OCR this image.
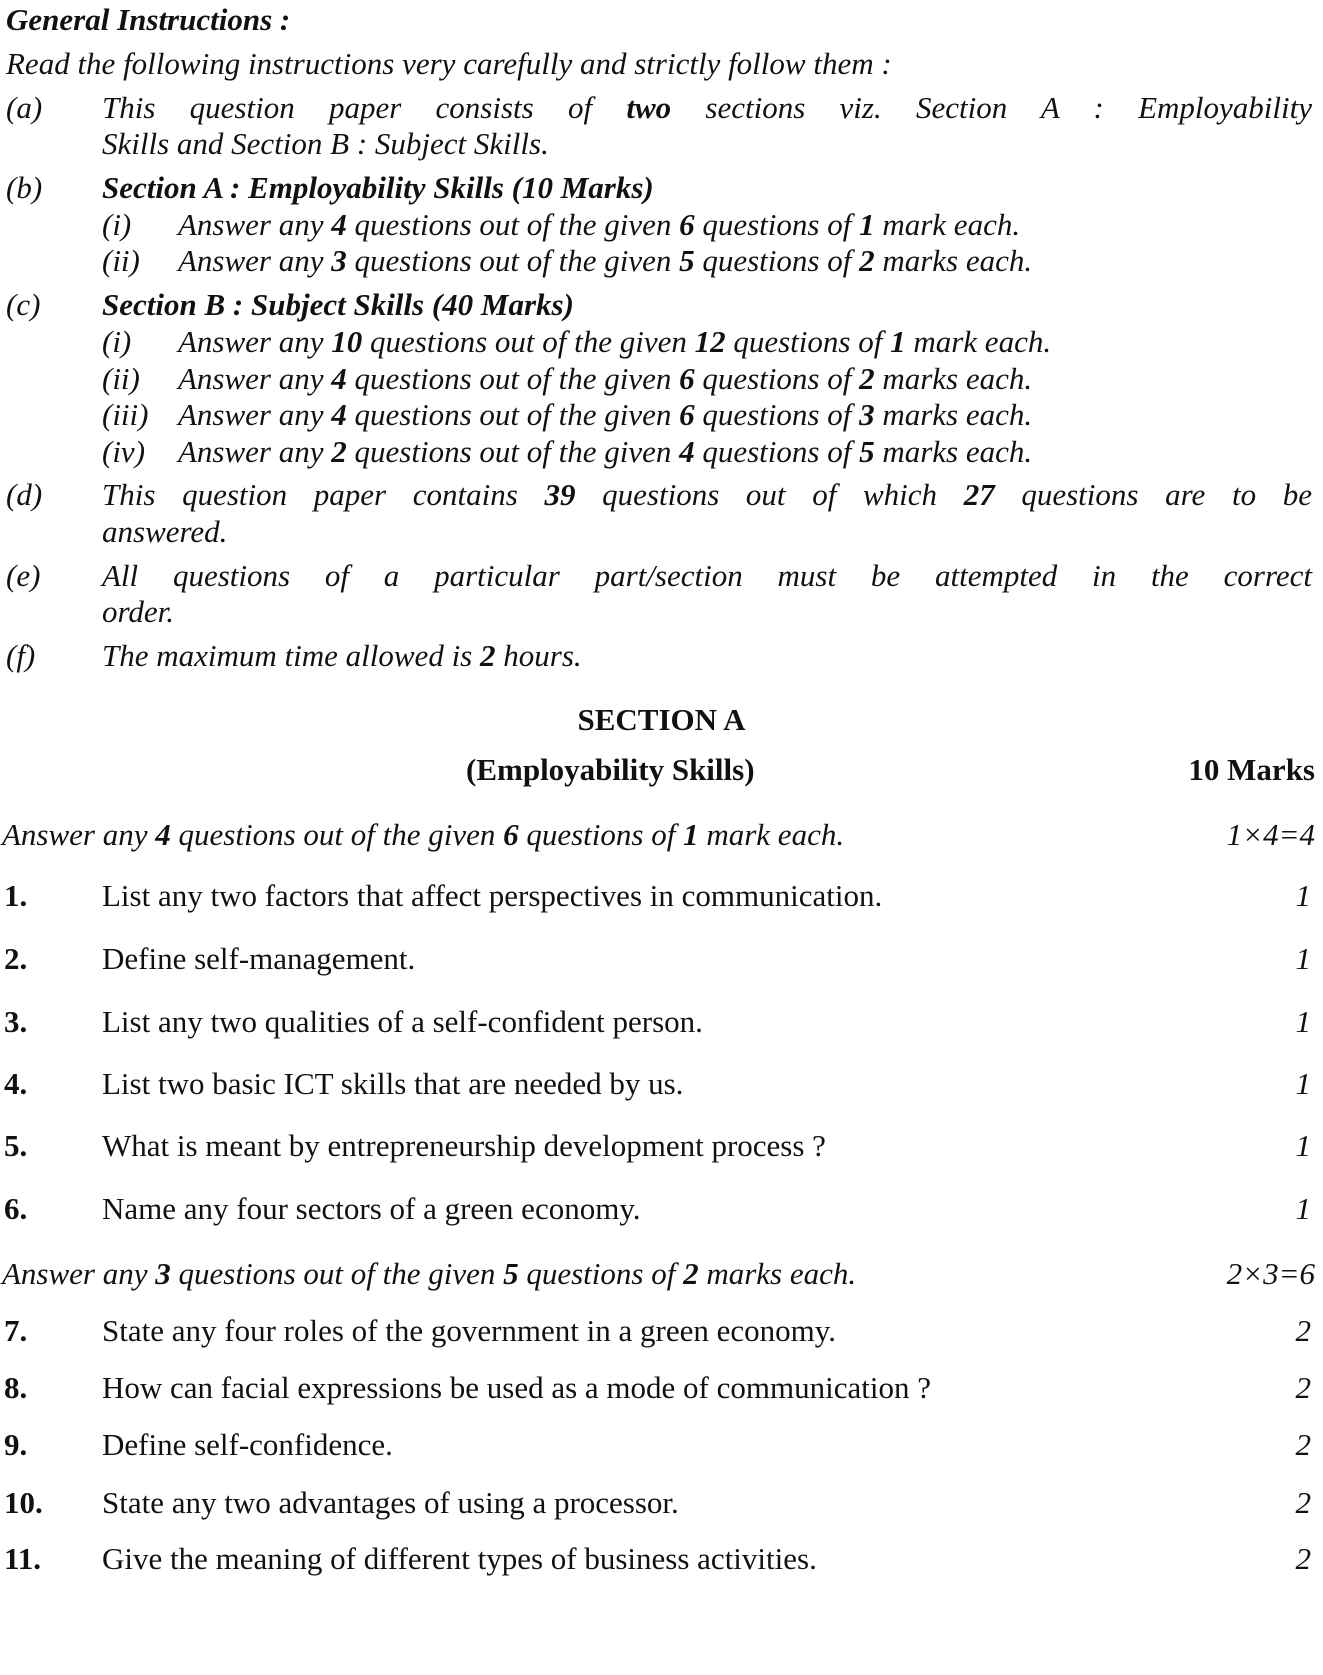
General Instructions :
Read the following instructions very carefully and strictly follow them :
(a) This question paper consists of two sections viz. Section A : Employability
Skills and Section B : Subject Skills.
(b) Section A : Employability Skills (10 Marks)
(i) Answer any 4 questions out of the given 6 questions of 1 mark each.
(ii) Answer any 3 questions out of the given 5 questions of 2 marks each.
(c) Section B : Subject Skills (40 Marks)
(i) Answer any 10 questions out of the given 12 questions of 1 mark each.
(ii) Answer any 4 questions out of the given 6 questions of 2 marks each.
(iii) Answer any 4 questions out of the given 6 questions of 3 marks each.
(iv) Answer any 2 questions out of the given 4 questions of 5 marks each.
(d) This question paper contains 39 questions out of which 27 questions are to be
answered.
(e) All questions of a particular part/section must be attempted in the correct
order.
(f) The maximum time allowed is 2 hours.
SECTION A
(Employability Skills)	10 Marks
Answer any 4 questions out of the given 6 questions of 1 mark each.	1×4=4
1. List any two factors that affect perspectives in communication.	1
2. Define self-management.	1
3. List any two qualities of a self-confident person.	1
4. List two basic ICT skills that are needed by us.	1
5. What is meant by entrepreneurship development process ?	1
6. Name any four sectors of a green economy.	1
Answer any 3 questions out of the given 5 questions of 2 marks each.	2×3=6
7. State any four roles of the government in a green economy.	2
8. How can facial expressions be used as a mode of communication ?	2
9. Define self-confidence.	2
10. State any two advantages of using a processor.	2
11. Give the meaning of different types of business activities.	2
